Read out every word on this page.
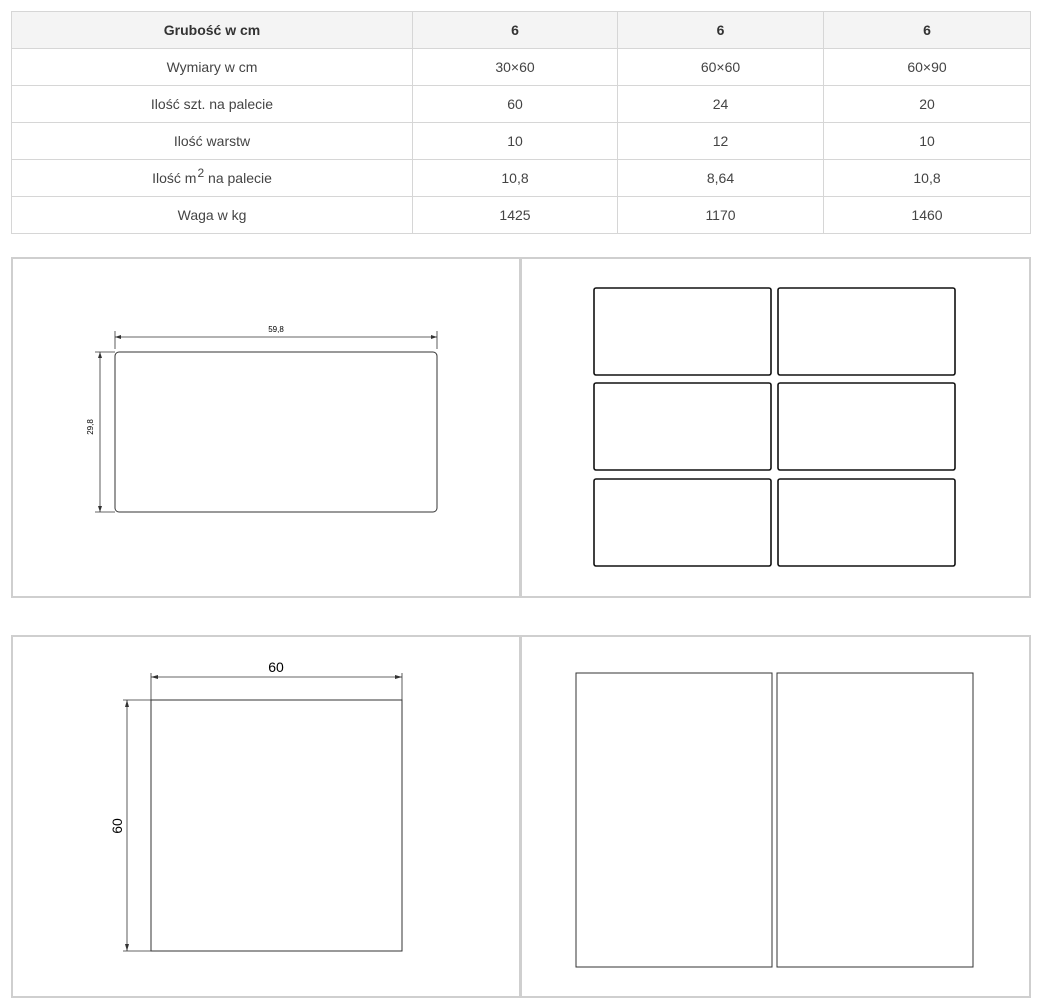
Grubość w cm	6	6	6
Wymiary w cm	30×60	60×60	60×90
Ilość szt. na palecie	60	24	20
Ilość warstw	10	12	10
Ilość $m^2$ na palecie	10,8	8,64	10,8
Waga w kg	1425	1170	1460
59,8
29,8
60
60
